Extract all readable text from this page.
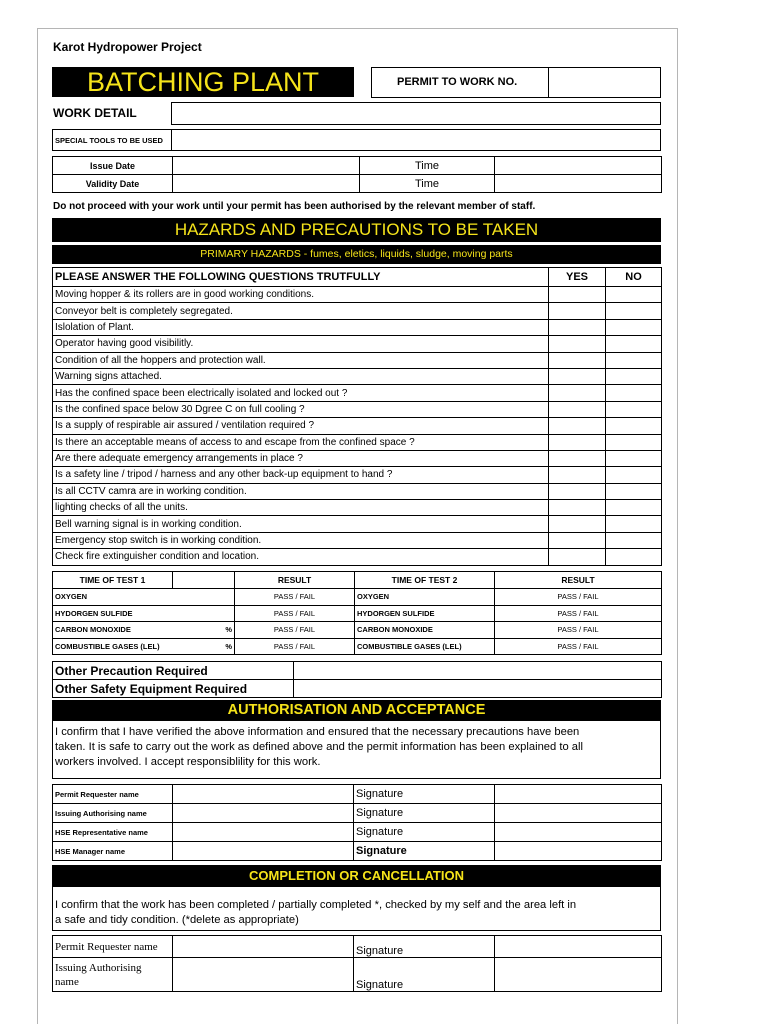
Karot Hydropower Project
BATCHING PLANT	PERMIT TO WORK NO.
WORK DETAIL
SPECIAL TOOLS TO BE USED
Issue Date		Time	
Validity Date		Time	
Do not proceed with your work until your permit has been authorised by the relevant member of staff.
HAZARDS AND PRECAUTIONS TO BE TAKEN
PRIMARY HAZARDS - fumes, eletics, liquids, sludge, moving parts
PLEASE ANSWER THE FOLLOWING QUESTIONS TRUTFULLY	YES	NO
Moving hopper & its rollers are in good working conditions.		
Conveyor belt is completely segregated.		
Islolation of Plant.		
Operator having good visibilitly.		
Condition of all the hoppers and protection wall.		
Warning signs attached.		
Has the confined space been electrically isolated and locked out ?		
Is the confined space below 30 Dgree C on full cooling ?		
Is a supply of respirable air assured / ventilation required ?		
Is there an acceptable means of access to and escape from the confined space ?		
Are there adequate emergency arrangements in place ?		
Is a safety line / tripod / harness and any other back-up equipment to hand ?		
Is all CCTV camra are in working condition.		
lighting checks of all the units.		
Bell warning signal is in working condition.		
Emergency stop switch is in working condition.		
Check fire extinguisher condition and location.		
TIME OF TEST 1		RESULT	TIME OF TEST 2	RESULT
OXYGEN		PASS / FAIL	OXYGEN	PASS / FAIL
HYDORGEN SULFIDE		PASS / FAIL	HYDORGEN SULFIDE	PASS / FAIL
CARBON MONOXIDE %		PASS / FAIL	CARBON MONOXIDE	PASS / FAIL
COMBUSTIBLE GASES (LEL) %		PASS / FAIL	COMBUSTIBLE GASES (LEL)	PASS / FAIL
Other Precaution Required	
Other Safety Equipment Required	
AUTHORISATION AND ACCEPTANCE
I confirm that I have verified the above information and ensured that the necessary precautions have been
taken. It is safe to carry out the work as defined above and the permit information has been explained to all
workers involved. I accept responsiblility for this work.
Permit Requester name		Signature	
Issuing Authorising name		Signature	
HSE Representative name		Signature	
HSE Manager name		Signature	
COMPLETION OR CANCELLATION
I confirm that the work has been completed / partially completed *, checked by my self and the area left in
a safe and tidy condition. (*delete as appropriate)
Permit Requester name		Signature	

Issuing Authorising
name		Signature	
